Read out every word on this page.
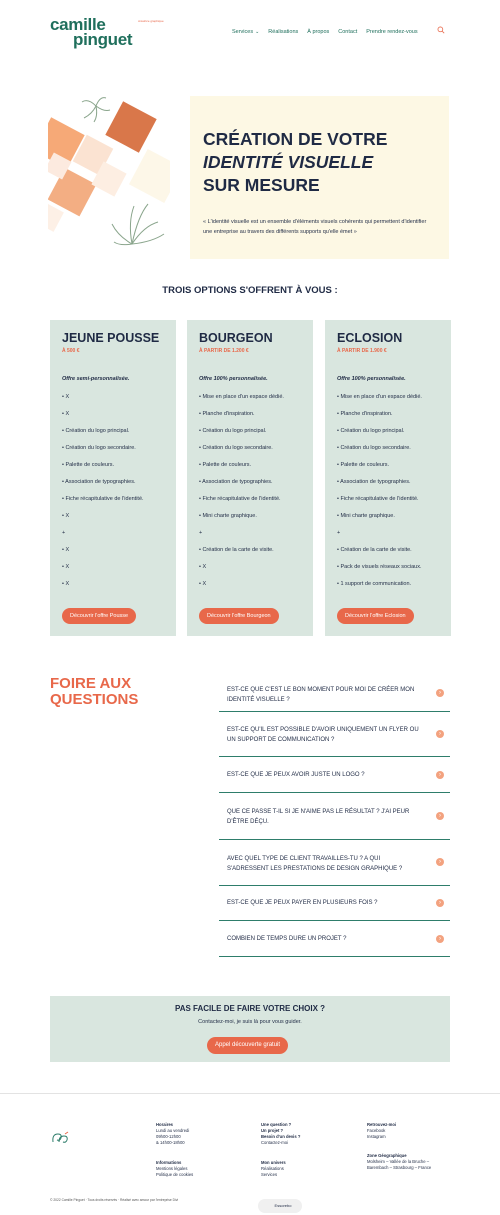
camille
pinguet
créatrice graphique
Services ⌄ Réalisations À propos Contact Prendre rendez-vous
CRÉATION DE VOTRE
IDENTITÉ VISUELLE
SUR MESURE

« L'identité visuelle est un ensemble d'éléments visuels cohérents qui permettent d'identifier une entreprise au travers des différents supports qu'elle émet »

TROIS OPTIONS S'OFFRENT À VOUS :
JEUNE POUSSE
À 500 €
Offre semi-personnalisée.
• X
• X
• Création du logo principal.
• Création du logo secondaire.
• Palette de couleurs.
• Association de typographies.
• Fiche récapitulative de l'identité.
• X
+
• X
• X
• X
Découvrir l'offre Pousse
BOURGEON
À PARTIR DE 1.200 €
Offre 100% personnalisée.
• Mise en place d'un espace dédié.
• Planche d'inspiration.
• Création du logo principal.
• Création du logo secondaire.
• Palette de couleurs.
• Association de typographies.
• Fiche récapitulative de l'identité.
• Mini charte graphique.
+
• Création de la carte de visite.
• X
• X
Découvrir l'offre Bourgeon
ECLOSION
À PARTIR DE 1.900 €
Offre 100% personnalisée.
• Mise en place d'un espace dédié.
• Planche d'inspiration.
• Création du logo principal.
• Création du logo secondaire.
• Palette de couleurs.
• Association de typographies.
• Fiche récapitulative de l'identité.
• Mini charte graphique.
+
• Création de la carte de visite.
• Pack de visuels réseaux sociaux.
• 1 support de communication.
Découvrir l'offre Eclosion
FOIRE AUX
QUESTIONS
EST-CE QUE C'EST LE BON MOMENT POUR MOI DE CRÉER MON IDENTITÉ VISUELLE ?
›
EST-CE QU'IL EST POSSIBLE D'AVOIR UNIQUEMENT UN FLYER OU UN SUPPORT DE COMMUNICATION ?
›
EST-CE QUE JE PEUX AVOIR JUSTE UN LOGO ?	›
QUE CE PASSE T-IL SI JE N'AIME PAS LE RÉSULTAT ? J'AI PEUR D'ÊTRE DÉÇU.
›
AVEC QUEL TYPE DE CLIENT TRAVAILLES-TU ? A QUI S'ADRESSENT LES PRESTATIONS DE DESIGN GRAPHIQUE ?
›
EST-CE QUE JE PEUX PAYER EN PLUSIEURS FOIS ?	›
COMBIEN DE TEMPS DURE UN PROJET ?	›
PAS FACILE DE FAIRE VOTRE CHOIX ?
Contactez-moi, je suis là pour vous guider.
Appel découverte gratuit
Horaires
Lundi au vendredi
09h00-12h00
& 14h00-18h00
Informations
Mentions légales
Politique de cookies
Une question ?
Un projet ?
Besoin d'un devis ?
Contactez-moi
Mon univers
Réalisations
Services
Retrouvez-moi
Facebook
Instagram
Zone Géographique
Molsheim – Vallée de la Bruche –
Barembach – Strasbourg – France
© 2022 Camille Pinguet · Tous droits réservés · Réalisé avec amour par l'entreprise Divi
Essorebo
